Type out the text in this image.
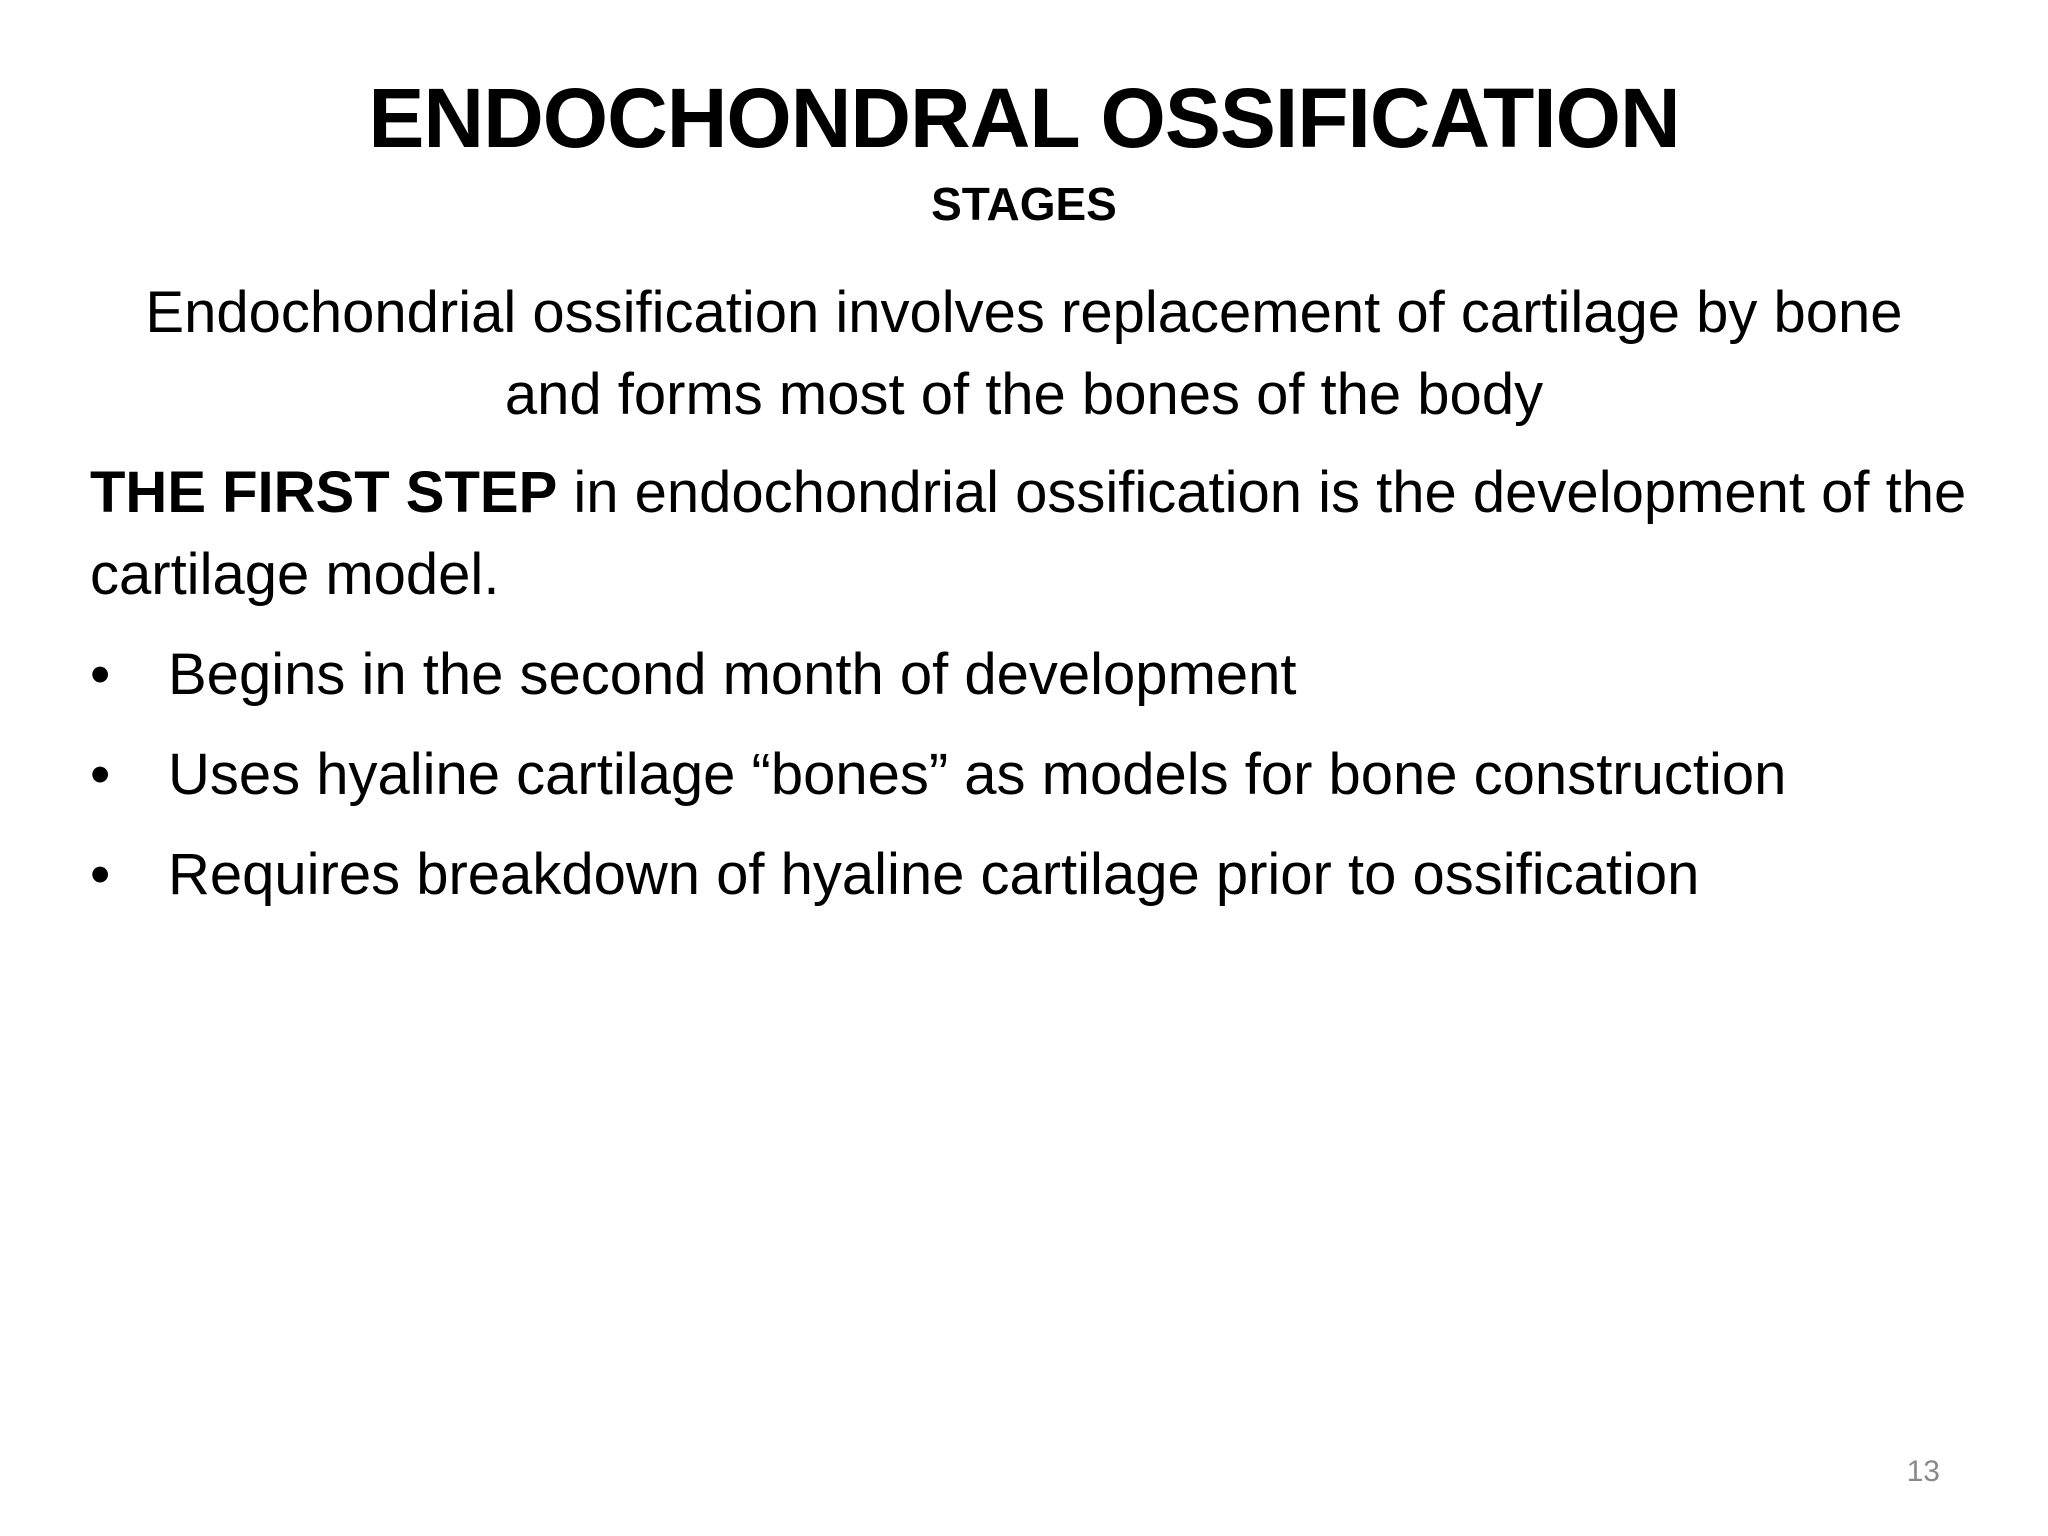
ENDOCHONDRAL OSSIFICATION
STAGES
Endochondrial ossification involves replacement of cartilage by bone and forms most of the bones of the body
THE FIRST STEP in endochondrial ossification is the development of the cartilage model.
• Begins in the second month of development
• Uses hyaline cartilage “bones” as models for bone construction
• Requires breakdown of hyaline cartilage prior to ossification
13
